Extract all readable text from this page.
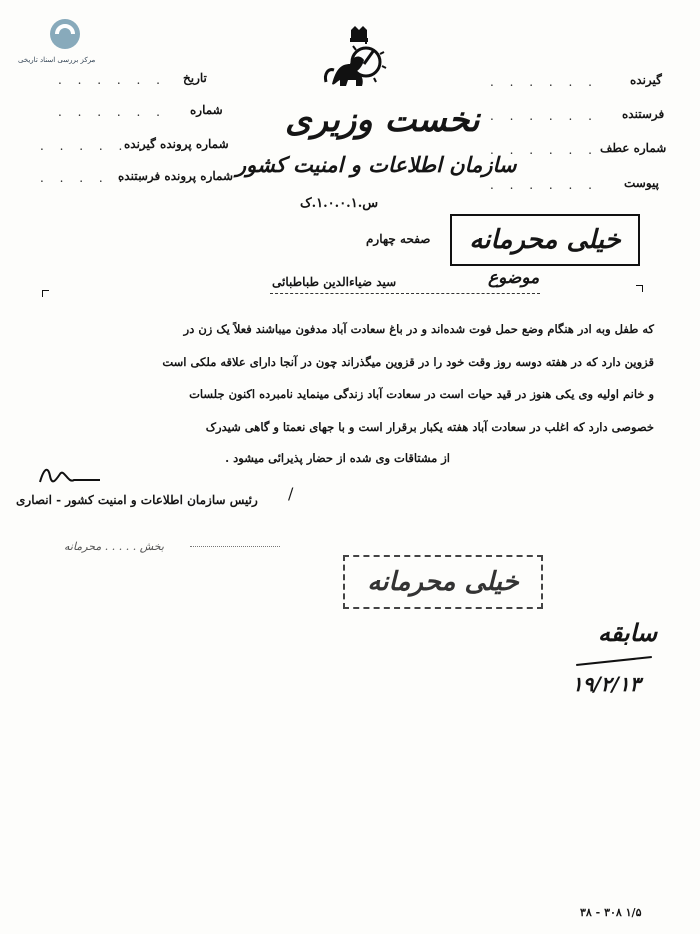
مرکز بررسی اسناد تاریخی
تاریخ
. . . . . .
شماره
. . . . . .
شماره پرونده گیرنده
. . . . . .
شماره پرونده فرستنده
. . . . . .
گیرنده
. . . . . .
فرستنده
. . . . . .
شماره عطف
. . . . . .
پیوست
. . . . . .
نخست وزیری
سازمان اطلاعات و امنیت کشور
س.۱.۰.۰.۱.ک
صفحه چهارم خیلی محرمانه
موضوع
سید ضیاءالدین طباطبائی
که طفل وبه ادر هنگام وضع حمل فوت شده‌اند و در باغ سعادت آباد مدفون میباشند فعلاً یک زن در
قزوین دارد که در هفته دوسه روز وقت خود را در قزوین میگذراند چون در آنجا دارای علاقه ملکی است
و خانم اولیه وی یکی هنوز در قید حیات است در سعادت آباد زندگی مینماید نامبرده اکنون جلسات
خصوصی دارد که اغلب در سعادت آباد هفته یکبار برقرار است و با جهای نعمتا و گاهی شیدرک
از مشتاقات وی شده از حضار پذیرائی میشود .
رئیس سازمان اطلاعات و امنیت کشور - انصاری /
بخش . . . . . محرمانه
خیلی محرمانه
سابقه
۱۹/۲/۱۳
۱/۵ ۳۰۸ - ۳۸
